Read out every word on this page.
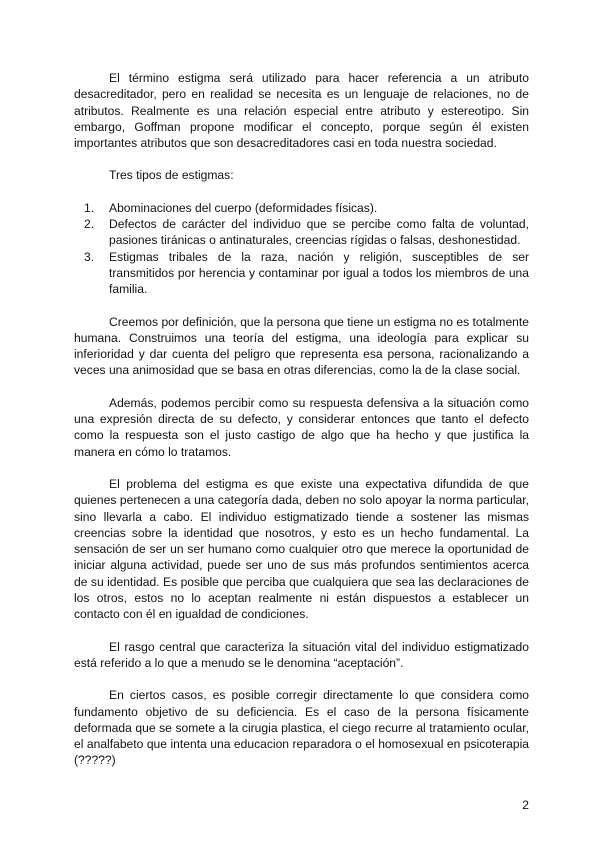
El término estigma será utilizado para hacer referencia a un atributo desacreditador, pero en realidad se necesita es un lenguaje de relaciones, no de atributos. Realmente es una relación especial entre atributo y estereotipo. Sin embargo, Goffman propone modificar el concepto, porque según él existen importantes atributos que son desacreditadores casi en toda nuestra sociedad.

Tres tipos de estigmas:

1. Abominaciones del cuerpo (deformidades físicas).
2. Defectos de carácter del individuo que se percibe como falta de voluntad, pasiones tiránicas o antinaturales, creencias rígidas o falsas, deshonestidad.
3. Estigmas tribales de la raza, nación y religión, susceptibles de ser transmitidos por herencia y contaminar por igual a todos los miembros de una familia.

Creemos por definición, que la persona que tiene un estigma no es totalmente humana. Construimos una teoría del estigma, una ideología para explicar su inferioridad y dar cuenta del peligro que representa esa persona, racionalizando a veces una animosidad que se basa en otras diferencias, como la de la clase social.

Además, podemos percibir como su respuesta defensiva a la situación como una expresión directa de su defecto, y considerar entonces que tanto el defecto como la respuesta son el justo castigo de algo que ha hecho y que justifica la manera en cómo lo tratamos.

El problema del estigma es que existe una expectativa difundida de que quienes pertenecen a una categoría dada, deben no solo apoyar la norma particular, sino llevarla a cabo. El individuo estigmatizado tiende a sostener las mismas creencias sobre la identidad que nosotros, y esto es un hecho fundamental. La sensación de ser un ser humano como cualquier otro que merece la oportunidad de iniciar alguna actividad, puede ser uno de sus más profundos sentimientos acerca de su identidad. Es posible que perciba que cualquiera que sea las declaraciones de los otros, estos no lo aceptan realmente ni están dispuestos a establecer un contacto con él en igualdad de condiciones.

El rasgo central que caracteriza la situación vital del individuo estigmatizado está referido a lo que a menudo se le denomina “aceptación”.

En ciertos casos, es posible corregir directamente lo que considera como fundamento objetivo de su deficiencia. Es el caso de la persona físicamente deformada que se somete a la cirugia plastica, el ciego recurre al tratamiento ocular, el analfabeto que intenta una educacion reparadora o el homosexual en psicoterapia (?????)

2
